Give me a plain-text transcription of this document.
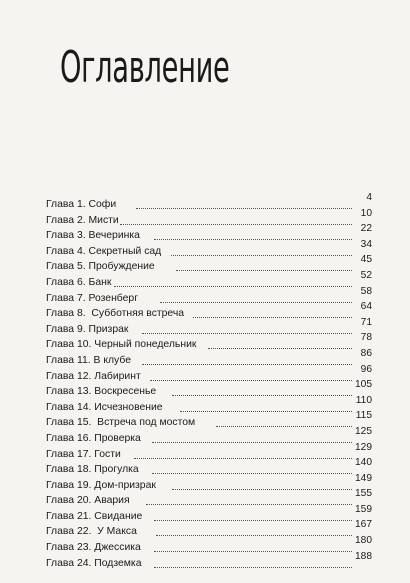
Оглавление
Глава 1. Софи
4
Глава 2. Мисти
10
Глава 3. Вечеринка
22
Глава 4. Секретный сад
34
Глава 5. Пробуждение
45
Глава 6. Банк
52
Глава 7. Розенберг
58
Глава 8.  Субботняя встреча
64
Глава 9. Призрак
71
Глава 10. Черный понедельник
78
Глава 11. В клубе
86
Глава 12. Лабиринт
96
Глава 13. Воскресенье
105
Глава 14. Исчезновение
110
Глава 15.  Встреча под мостом
115
Глава 16. Проверка
125
Глава 17. Гости
129
Глава 18. Прогулка
140
Глава 19. Дом-призрак
149
Глава 20. Авария
155
Глава 21. Свидание
159
Глава 22.  У Макса
167
Глава 23. Джессика
180
Глава 24. Подземка
188
